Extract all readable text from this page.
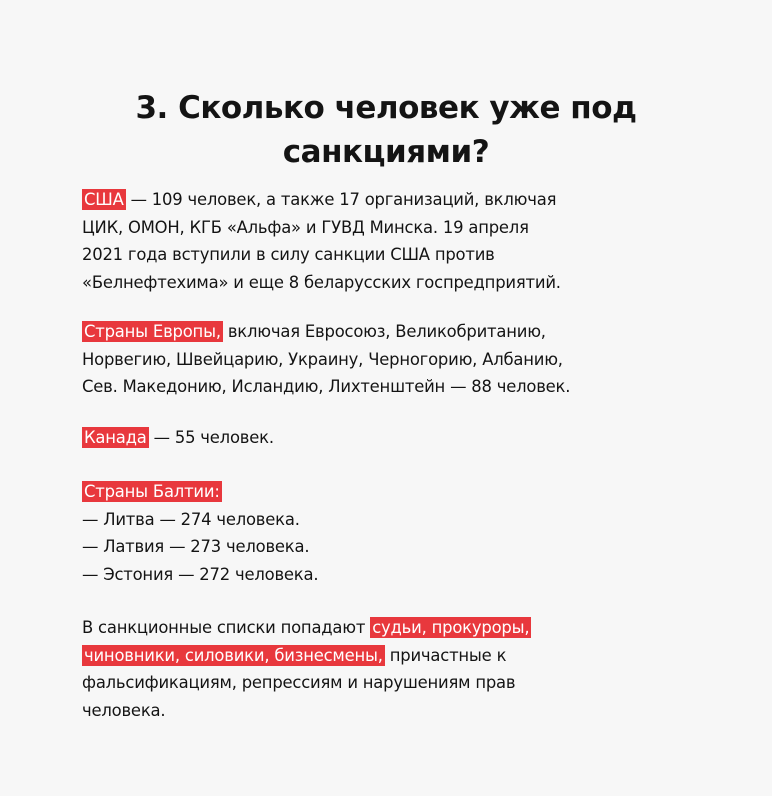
3. Сколько человек уже под
санкциями?
США — 109 человек, а также 17 организаций, включая
ЦИК, ОМОН, КГБ «Альфа» и ГУВД Минска. 19 апреля
2021 года вступили в силу санкции США против
«Белнефтехима» и еще 8 беларусских госпредприятий.
Страны Европы, включая Евросоюз, Великобританию,
Норвегию, Швейцарию, Украину, Черногорию, Албанию,
Сев. Македонию, Исландию, Лихтенштейн — 88 человек.
Канада — 55 человек.
Страны Балтии:
— Литва — 274 человека.
— Латвия — 273 человека.
— Эстония — 272 человека.
В санкционные списки попадают судьи, прокуроры,
чиновники, силовики, бизнесмены, причастные к
фальсификациям, репрессиям и нарушениям прав
человека.
